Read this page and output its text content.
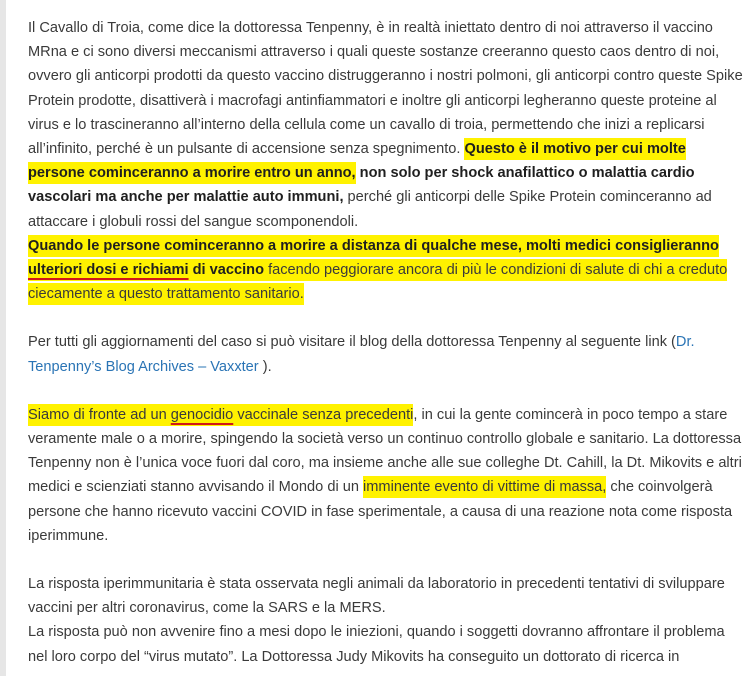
Il Cavallo di Troia, come dice la dottoressa Tenpenny, è in realtà iniettato dentro di noi attraverso il vaccino MRna e ci sono diversi meccanismi attraverso i quali queste sostanze creeranno questo caos dentro di noi, ovvero gli anticorpi prodotti da questo vaccino distruggeranno i nostri polmoni, gli anticorpi contro queste Spike Protein prodotte, disattiverà i macrofagi antinfiammatori e inoltre gli anticorpi legheranno queste proteine al virus e lo trascineranno all’interno della cellula come un cavallo di troia, permettendo che inizi a replicarsi all’infinito, perché è un pulsante di accensione senza spegnimento. Questo è il motivo per cui molte persone cominceranno a morire entro un anno, non solo per shock anafilattico o malattia cardio vascolari ma anche per malattie auto immuni, perché gli anticorpi delle Spike Protein cominceranno ad attaccare i globuli rossi del sangue scomponendoli.
Quando le persone cominceranno a morire a distanza di qualche mese, molti medici consiglieranno ulteriori dosi e richiami di vaccino facendo peggiorare ancora di più le condizioni di salute di chi a creduto ciecamente a questo trattamento sanitario.

Per tutti gli aggiornamenti del caso si può visitare il blog della dottoressa Tenpenny al seguente link (Dr. Tenpenny’s Blog Archives – Vaxxter ).

Siamo di fronte ad un genocidio vaccinale senza precedenti, in cui la gente comincerà in poco tempo a stare veramente male o a morire, spingendo la società verso un continuo controllo globale e sanitario. La dottoressa Tenpenny non è l’unica voce fuori dal coro, ma insieme anche alle sue colleghe Dt. Cahill, la Dt. Mikovits e altri medici e scienziati stanno avvisando il Mondo di un imminente evento di vittime di massa, che coinvolgerà persone che hanno ricevuto vaccini COVID in fase sperimentale, a causa di una reazione nota come risposta iperimmune.

La risposta iperimmunitaria è stata osservata negli animali da laboratorio in precedenti tentativi di sviluppare vaccini per altri coronavirus, come la SARS e la MERS.
La risposta può non avvenire fino a mesi dopo le iniezioni, quando i soggetti dovranno affrontare il problema nel loro corpo del “virus mutato”. La Dottoressa Judy Mikovits ha conseguito un dottorato di ricerca in
